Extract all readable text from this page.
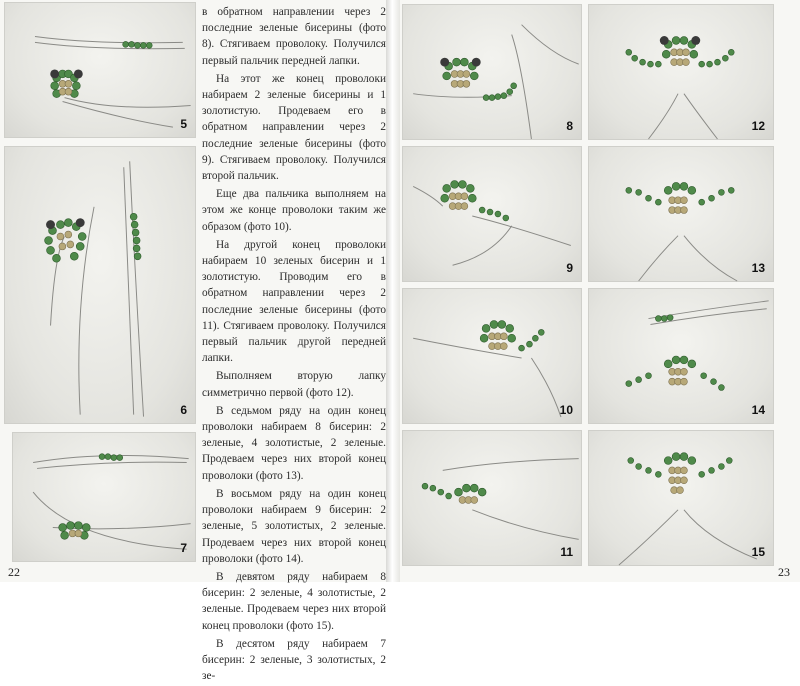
5
6
7

в обратном направлении через 2 последние зеленые бисерины (фото 8). Стягиваем проволоку. Получился первый пальчик передней лапки.

На этот же конец проволоки набираем 2 зеленые бисерины и 1 золотистую. Продеваем его в обратном направлении через 2 последние зеленые бисерины (фото 9). Стягиваем проволоку. Получился второй пальчик.

Еще два пальчика выполняем на этом же конце проволоки таким же образом (фото 10).

На другой конец проволоки набираем 10 зеленых бисерин и 1 золотистую. Проводим его в обратном направлении через 2 последние зеленые бисерины (фото 11). Стягиваем проволоку. Получился первый пальчик другой передней лапки.

Выполняем вторую лапку симметрично первой (фото 12).

В седьмом ряду на один конец проволоки набираем 8 бисерин: 2 зеленые, 4 золотистые, 2 зеленые. Продеваем через них второй конец проволоки (фото 13).

В восьмом ряду на один конец проволоки набираем 9 бисерин: 2 зеленые, 5 золотистых, 2 зеленые. Продеваем через них второй конец проволоки (фото 14).

В девятом ряду набираем 8 бисерин: 2 зеленые, 4 золотистые, 2 зеленые. Продеваем через них второй конец проволоки (фото 15).

В десятом ряду набираем 7 бисерин: 2 зеленые, 3 золотистых, 2 зе-

22
8	12
9	13
10	14
11	15
23
